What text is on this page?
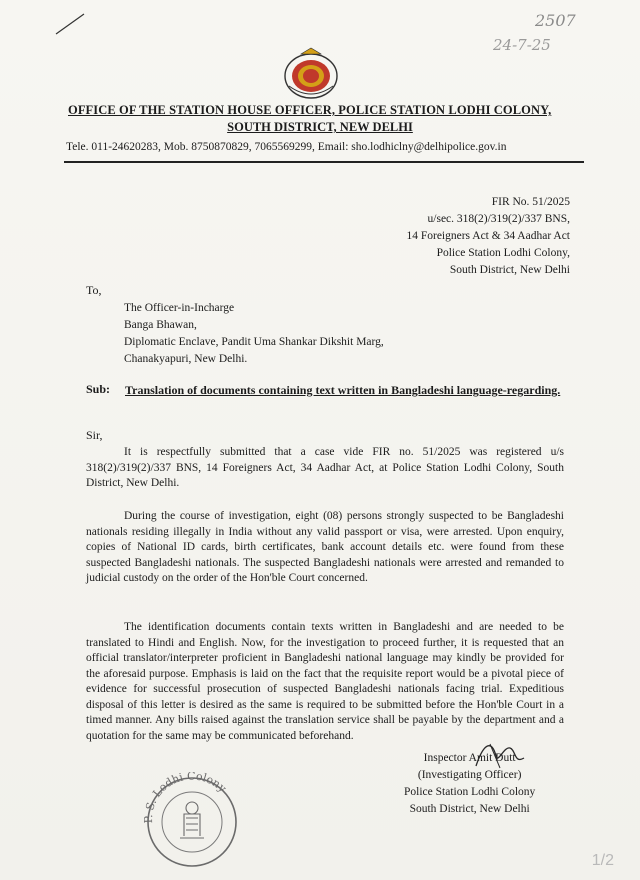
2507
24-7-25
OFFICE OF THE STATION HOUSE OFFICER, POLICE STATION LODHI COLONY,
SOUTH DISTRICT, NEW DELHI
Tele. 011-24620283, Mob. 8750870829, 7065569299, Email: sho.lodhiclny@delhipolice.gov.in
FIR No. 51/2025
u/sec. 318(2)/319(2)/337 BNS,
14 Foreigners Act & 34 Aadhar Act
Police Station Lodhi Colony,
South District, New Delhi
To,
The Officer-in-Incharge
Banga Bhawan,
Diplomatic Enclave, Pandit Uma Shankar Dikshit Marg,
Chanakyapuri, New Delhi.
Sub: Translation of documents containing text written in Bangladeshi language-regarding.
Sir,
It is respectfully submitted that a case vide FIR no. 51/2025 was registered u/s 318(2)/319(2)/337 BNS, 14 Foreigners Act, 34 Aadhar Act, at Police Station Lodhi Colony, South District, New Delhi.
During the course of investigation, eight (08) persons strongly suspected to be Bangladeshi nationals residing illegally in India without any valid passport or visa, were arrested. Upon enquiry, copies of National ID cards, birth certificates, bank account details etc. were found from these suspected Bangladeshi nationals. The suspected Bangladeshi nationals were arrested and remanded to judicial custody on the order of the Hon'ble Court concerned.
The identification documents contain texts written in Bangladeshi and are needed to be translated to Hindi and English. Now, for the investigation to proceed further, it is requested that an official translator/interpreter proficient in Bangladeshi national language may kindly be provided for the aforesaid purpose. Emphasis is laid on the fact that the requisite report would be a pivotal piece of evidence for successful prosecution of suspected Bangladeshi nationals facing trial. Expeditious disposal of this letter is desired as the same is required to be submitted before the Hon'ble Court in a timed manner. Any bills raised against the translation service shall be payable by the department and a quotation for the same may be communicated beforehand.
Inspector Amit Dutt
(Investigating Officer)
Police Station Lodhi Colony
South District, New Delhi
P. S. Lodhi Colony
1/2
